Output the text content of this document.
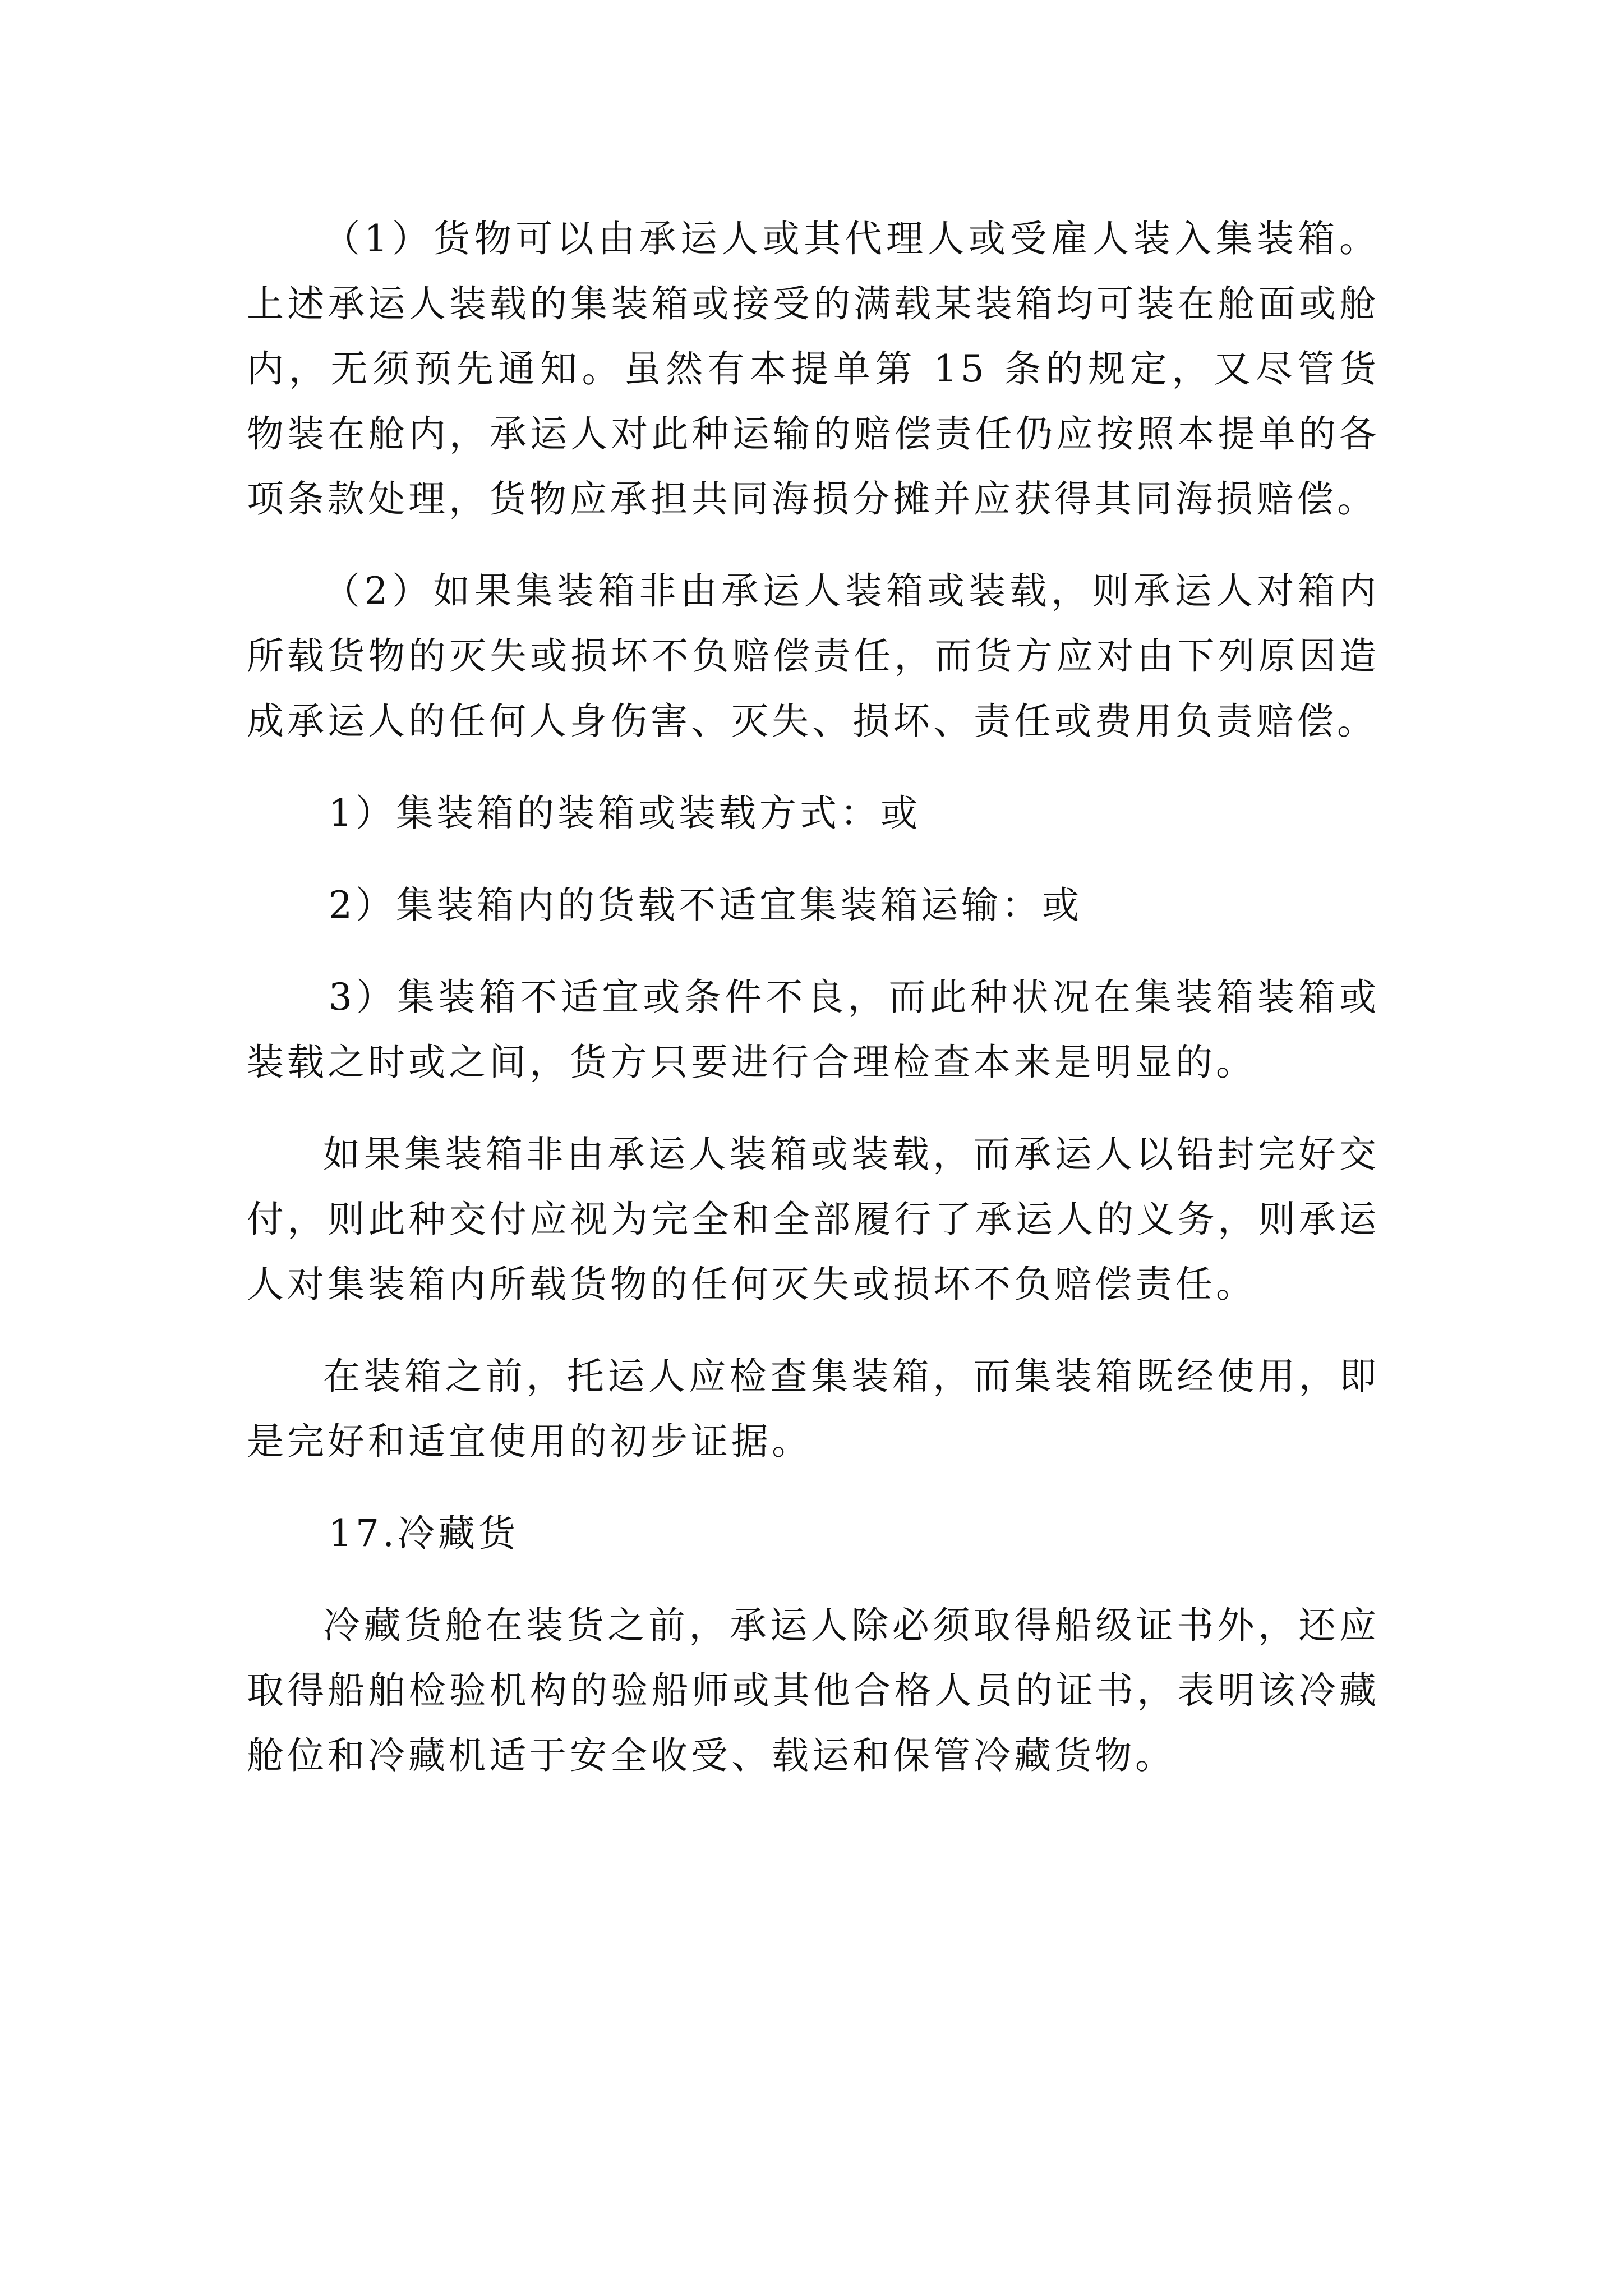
（1）货物可以由承运人或其代理人或受雇人装入集装箱。上述承运人装载的集装箱或接受的满载某装箱均可装在舱面或舱内，无须预先通知。虽然有本提单第 15 条的规定，又尽管货物装在舱内，承运人对此种运输的赔偿责任仍应按照本提单的各项条款处理，货物应承担共同海损分摊并应获得其同海损赔偿。

（2）如果集装箱非由承运人装箱或装载，则承运人对箱内所载货物的灭失或损坏不负赔偿责任，而货方应对由下列原因造成承运人的任何人身伤害、灭失、损坏、责任或费用负责赔偿。

1）集装箱的装箱或装载方式：或

2）集装箱内的货载不适宜集装箱运输：或

3）集装箱不适宜或条件不良，而此种状况在集装箱装箱或装载之时或之间，货方只要进行合理检查本来是明显的。

如果集装箱非由承运人装箱或装载，而承运人以铅封完好交付，则此种交付应视为完全和全部履行了承运人的义务，则承运人对集装箱内所载货物的任何灭失或损坏不负赔偿责任。

在装箱之前，托运人应检查集装箱，而集装箱既经使用，即是完好和适宜使用的初步证据。

17.冷藏货

冷藏货舱在装货之前，承运人除必须取得船级证书外，还应取得船舶检验机构的验船师或其他合格人员的证书，表明该冷藏舱位和冷藏机适于安全收受、载运和保管冷藏货物。
